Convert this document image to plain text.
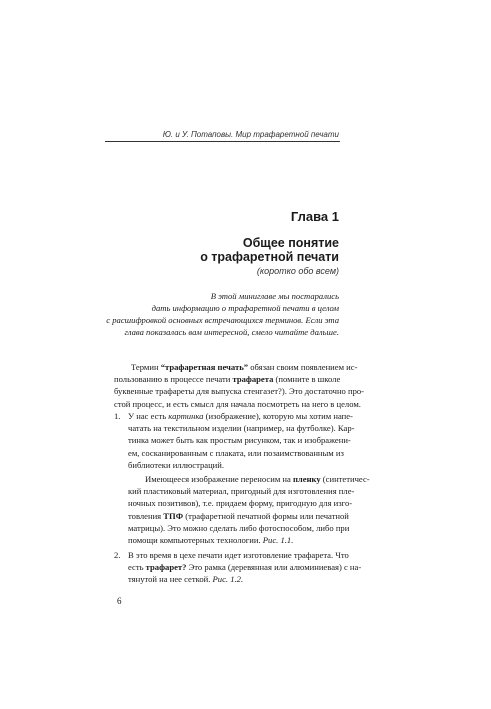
Ю. и У. Потаповы. Мир трафаретной печати
Глава 1
Общее понятие
о трафаретной печати
(коротко обо всем)
В этой миниглаве мы постарались
дать информацию о трафаретной печати в целом
с расшифровкой основных встречающихся терминов. Если эта
глава показалась вам интересной, смело читайте дальше.
Термин “трафаретная печать” обязан своим появлением ис-
пользованию в процессе печати трафарета (помните в школе
буквенные трафареты для выпуска стенгазет?). Это достаточно про-
стой процесс, и есть смысл для начала посмотреть на него в целом.
1. У нас есть картинка (изображение), которую мы хотим напе-
чатать на текстильном изделии (например, на футболке). Кар-
тинка может быть как простым рисунком, так и изображени-
ем, сосканированным с плаката, или позаимствованным из
библиотеки иллюстраций.
Имеющееся изображение переносим на пленку (синтетичес-
кий пластиковый материал, пригодный для изготовления пле-
ночных позитивов), т.е. придаем форму, пригодную для изго-
товления ТПФ (трафаретной печатной формы или печатной
матрицы). Это можно сделать либо фотоспособом, либо при
помощи компьютерных технологии. Рис. 1.1.
2. В это время в цехе печати идет изготовление трафарета. Что
есть трафарет? Это рамка (деревянная или алюминиевая) с на-
тянутой на нее сеткой. Рис. 1.2.
6
